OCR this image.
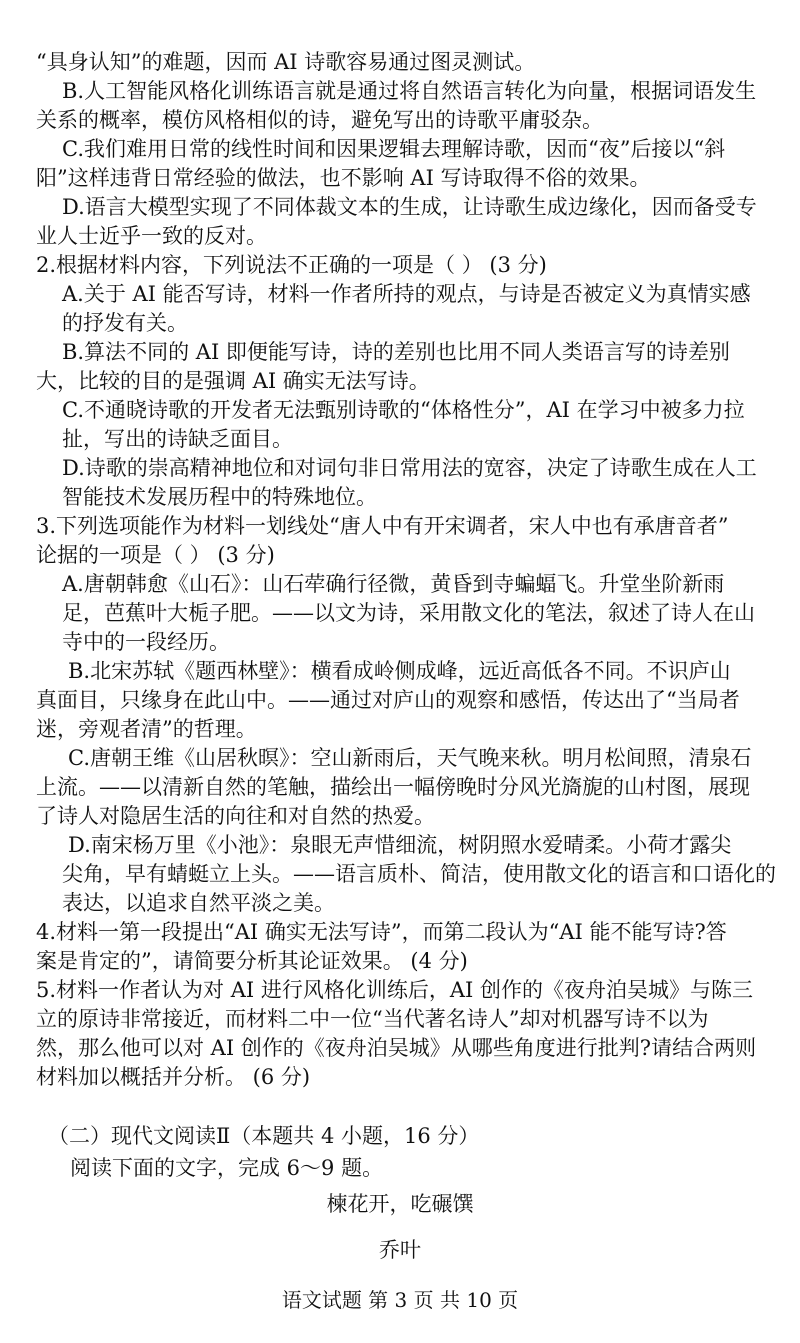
“具身认知”的难题，因而 AI 诗歌容易通过图灵测试。
B.人工智能风格化训练语言就是通过将自然语言转化为向量，根据词语发生
关系的概率，模仿风格相似的诗，避免写出的诗歌平庸驳杂。
C.我们难用日常的线性时间和因果逻辑去理解诗歌，因而“夜”后接以“斜
阳”这样违背日常经验的做法，也不影响 AI 写诗取得不俗的效果。
D.语言大模型实现了不同体裁文本的生成，让诗歌生成边缘化，因而备受专
业人士近乎一致的反对。
2.根据材料内容，下列说法不正确的一项是（ ） (3 分)
A.关于 AI 能否写诗，材料一作者所持的观点，与诗是否被定义为真情实感
的抒发有关。
B.算法不同的 AI 即便能写诗，诗的差别也比用不同人类语言写的诗差别
大，比较的目的是强调 AI 确实无法写诗。
C.不通晓诗歌的开发者无法甄别诗歌的“体格性分”，AI 在学习中被多力拉
扯，写出的诗缺乏面目。
D.诗歌的崇高精神地位和对词句非日常用法的宽容，决定了诗歌生成在人工
智能技术发展历程中的特殊地位。
3.下列选项能作为材料一划线处“唐人中有开宋调者，宋人中也有承唐音者”
论据的一项是（ ） (3 分)
A.唐朝韩愈《山石》：山石荦确行径微，黄昏到寺蝙蝠飞。升堂坐阶新雨
足，芭蕉叶大栀子肥。——以文为诗，采用散文化的笔法，叙述了诗人在山
寺中的一段经历。
B.北宋苏轼《题西林壁》：横看成岭侧成峰，远近高低各不同。不识庐山
真面目，只缘身在此山中。——通过对庐山的观察和感悟，传达出了“当局者
迷，旁观者清”的哲理。
C.唐朝王维《山居秋暝》：空山新雨后，天气晚来秋。明月松间照，清泉石
上流。——以清新自然的笔触，描绘出一幅傍晚时分风光旖旎的山村图，展现
了诗人对隐居生活的向往和对自然的热爱。
D.南宋杨万里《小池》：泉眼无声惜细流，树阴照水爱晴柔。小荷才露尖
尖角，早有蜻蜓立上头。——语言质朴、简洁，使用散文化的语言和口语化的
表达，以追求自然平淡之美。
4.材料一第一段提出“AI 确实无法写诗”，而第二段认为“AI 能不能写诗?答
案是肯定的”，请简要分析其论证效果。 (4 分)
5.材料一作者认为对 AI 进行风格化训练后，AI 创作的《夜舟泊吴城》与陈三
立的原诗非常接近，而材料二中一位“当代著名诗人”却对机器写诗不以为
然，那么他可以对 AI 创作的《夜舟泊吴城》从哪些角度进行批判?请结合两则
材料加以概括并分析。 (6 分)
（二）现代文阅读Ⅱ（本题共 4 小题，16 分）
阅读下面的文字，完成 6～9 题。
楝花开，吃碾馔
乔叶
语文试题 第 3 页 共 10 页
